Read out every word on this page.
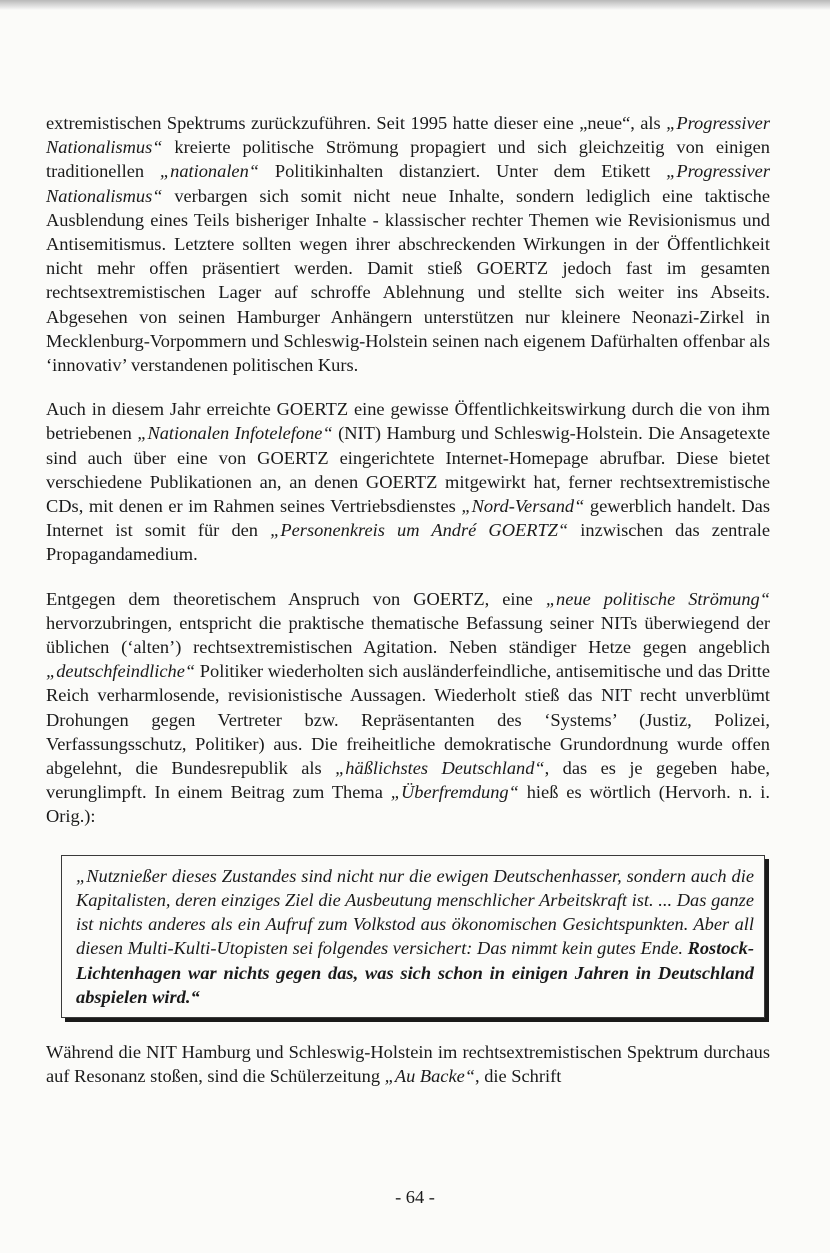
extremistischen Spektrums zurückzuführen. Seit 1995 hatte dieser eine „neue“, als „Progressiver Nationalismus“ kreierte politische Strömung propagiert und sich gleichzeitig von einigen traditionellen „nationalen“ Politikinhalten distanziert. Unter dem Etikett „Progressiver Nationalismus“ verbargen sich somit nicht neue Inhalte, sondern lediglich eine taktische Ausblendung eines Teils bisheriger Inhalte - klassischer rechter Themen wie Revisionismus und Antisemitismus. Letztere sollten wegen ihrer abschreckenden Wirkungen in der Öffentlichkeit nicht mehr offen präsentiert werden. Damit stieß GOERTZ jedoch fast im gesamten rechtsextremistischen Lager auf schroffe Ablehnung und stellte sich weiter ins Abseits. Abgesehen von seinen Hamburger Anhängern unterstützen nur kleinere Neonazi-Zirkel in Mecklenburg-Vorpommern und Schleswig-Holstein seinen nach eigenem Dafürhalten offenbar als ‘innovativ’ verstandenen politischen Kurs.

Auch in diesem Jahr erreichte GOERTZ eine gewisse Öffentlichkeitswirkung durch die von ihm betriebenen „Nationalen Infotelefone“ (NIT) Hamburg und Schleswig-Holstein. Die Ansagetexte sind auch über eine von GOERTZ eingerichtete Internet-Homepage abrufbar. Diese bietet verschiedene Publikationen an, an denen GOERTZ mitgewirkt hat, ferner rechtsextremistische CDs, mit denen er im Rahmen seines Vertriebsdienstes „Nord-Versand“ gewerblich handelt. Das Internet ist somit für den „Personenkreis um André GOERTZ“ inzwischen das zentrale Propagandamedium.

Entgegen dem theoretischem Anspruch von GOERTZ, eine „neue politische Strömung“ hervorzubringen, entspricht die praktische thematische Befassung seiner NITs überwiegend der üblichen (‘alten’) rechtsextremistischen Agitation. Neben ständiger Hetze gegen angeblich „deutschfeindliche“ Politiker wiederholten sich ausländerfeindliche, antisemitische und das Dritte Reich verharmlosende, revisionistische Aussagen. Wiederholt stieß das NIT recht unverblümt Drohungen gegen Vertreter bzw. Repräsentanten des ‘Systems’ (Justiz, Polizei, Verfassungsschutz, Politiker) aus. Die freiheitliche demokratische Grundordnung wurde offen abgelehnt, die Bundesrepublik als „häßlichstes Deutschland“, das es je gegeben habe, verunglimpft. In einem Beitrag zum Thema „Überfremdung“ hieß es wörtlich (Hervorh. n. i. Orig.):

„Nutznießer dieses Zustandes sind nicht nur die ewigen Deutschenhasser, sondern auch die Kapitalisten, deren einziges Ziel die Ausbeutung menschlicher Arbeitskraft ist. ... Das ganze ist nichts anderes als ein Aufruf zum Volkstod aus ökonomischen Gesichtspunkten. Aber all diesen Multi-Kulti-Utopisten sei folgendes versichert: Das nimmt kein gutes Ende. Rostock-Lichtenhagen war nichts gegen das, was sich schon in einigen Jahren in Deutschland abspielen wird.“

Während die NIT Hamburg und Schleswig-Holstein im rechtsextremistischen Spektrum durchaus auf Resonanz stoßen, sind die Schülerzeitung „Au Backe“, die Schrift

- 64 -
